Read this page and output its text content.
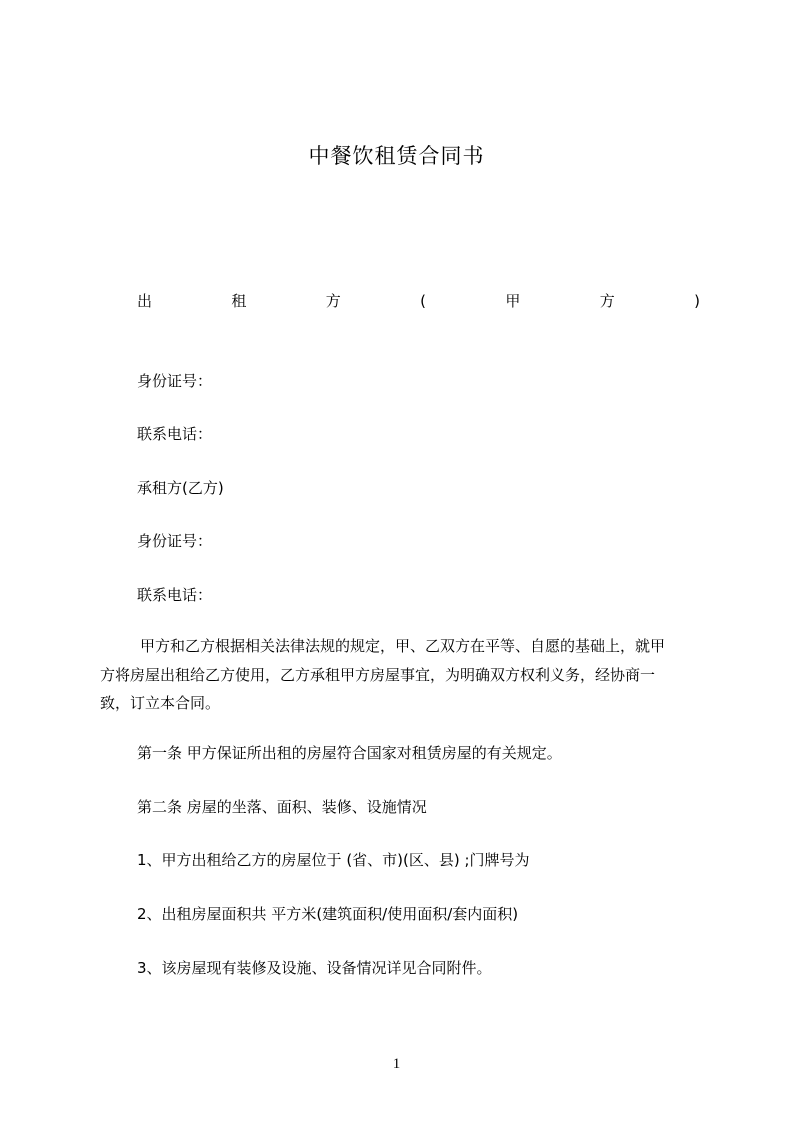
中餐饮租赁合同书
出	租	方	(	甲	方	)
身份证号：
联系电话：
承租方(乙方)
身份证号：
联系电话：
甲方和乙方根据相关法律法规的规定，甲、乙双方在平等、自愿的基础上，就甲
方将房屋出租给乙方使用，乙方承租甲方房屋事宜，为明确双方权利义务，经协商一
致，订立本合同。
第一条 甲方保证所出租的房屋符合国家对租赁房屋的有关规定。
第二条 房屋的坐落、面积、装修、设施情况
1、甲方出租给乙方的房屋位于 (省、市)(区、县) ;门牌号为
2、出租房屋面积共 平方米(建筑面积/使用面积/套内面积)
3、该房屋现有装修及设施、设备情况详见合同附件。
1
